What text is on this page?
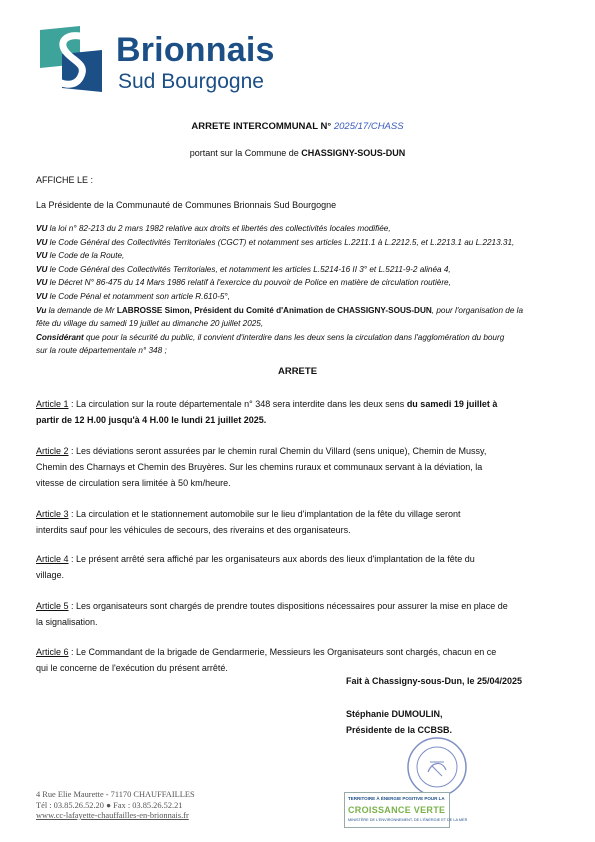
Brionnais
Sud Bourgogne
ARRETE INTERCOMMUNAL N° 2025/17/CHASS
portant sur la Commune de CHASSIGNY-SOUS-DUN
AFFICHE LE :
La Présidente de la Communauté de Communes Brionnais Sud Bourgogne
VU la loi n° 82-213 du 2 mars 1982 relative aux droits et libertés des collectivités locales modifiée,
VU le Code Général des Collectivités Territoriales (CGCT) et notamment ses articles L.2211.1 à L.2212.5, et L.2213.1 au L.2213.31,
VU le Code de la Route,
VU le Code Général des Collectivités Territoriales, et notamment les articles L.5214-16 II 3° et L.5211-9-2 alinéa 4,
VU le Décret N° 86-475 du 14 Mars 1986 relatif à l'exercice du pouvoir de Police en matière de circulation routière,
VU le Code Pénal et notamment son article R.610-5°,
Vu la demande de Mr LABROSSE Simon, Président du Comité d'Animation de CHASSIGNY-SOUS-DUN, pour l'organisation de la
fête du village du samedi 19 juillet au dimanche 20 juillet 2025,
Considérant que pour la sécurité du public, il convient d'interdire dans les deux sens la circulation dans l'agglomération du bourg
sur la route départementale n° 348 ;
ARRETE
Article 1 : La circulation sur la route départementale n° 348 sera interdite dans les deux sens du samedi 19 juillet à
partir de 12 H.00 jusqu'à 4 H.00 le lundi 21 juillet 2025.
Article 2 : Les déviations seront assurées par le chemin rural Chemin du Villard (sens unique), Chemin de Mussy,
Chemin des Charnays et Chemin des Bruyères. Sur les chemins ruraux et communaux servant à la déviation, la
vitesse de circulation sera limitée à 50 km/heure.
Article 3 : La circulation et le stationnement automobile sur le lieu d'implantation de la fête du village seront
interdits sauf pour les véhicules de secours, des riverains et des organisateurs.
Article 4 : Le présent arrêté sera affiché par les organisateurs aux abords des lieux d'implantation de la fête du
village.
Article 5 : Les organisateurs sont chargés de prendre toutes dispositions nécessaires pour assurer la mise en place de
la signalisation.
Article 6 : Le Commandant de la brigade de Gendarmerie, Messieurs les Organisateurs sont chargés, chacun en ce
qui le concerne de l'exécution du présent arrêté.
Fait à Chassigny-sous-Dun, le 25/04/2025
Stéphanie DUMOULIN,
Présidente de la CCBSB.
4 Rue Elie Maurette - 71170 CHAUFFAILLES
Tél : 03.85.26.52.20 ● Fax : 03.85.26.52.21
www.cc-lafayette-chauffailles-en-brionnais.fr
TERRITOIRE À ÉNERGIE POSITIVE POUR LA
CROISSANCE VERTE
MINISTÈRE DE L'ENVIRONNEMENT, DE L'ÉNERGIE ET DE LA MER
